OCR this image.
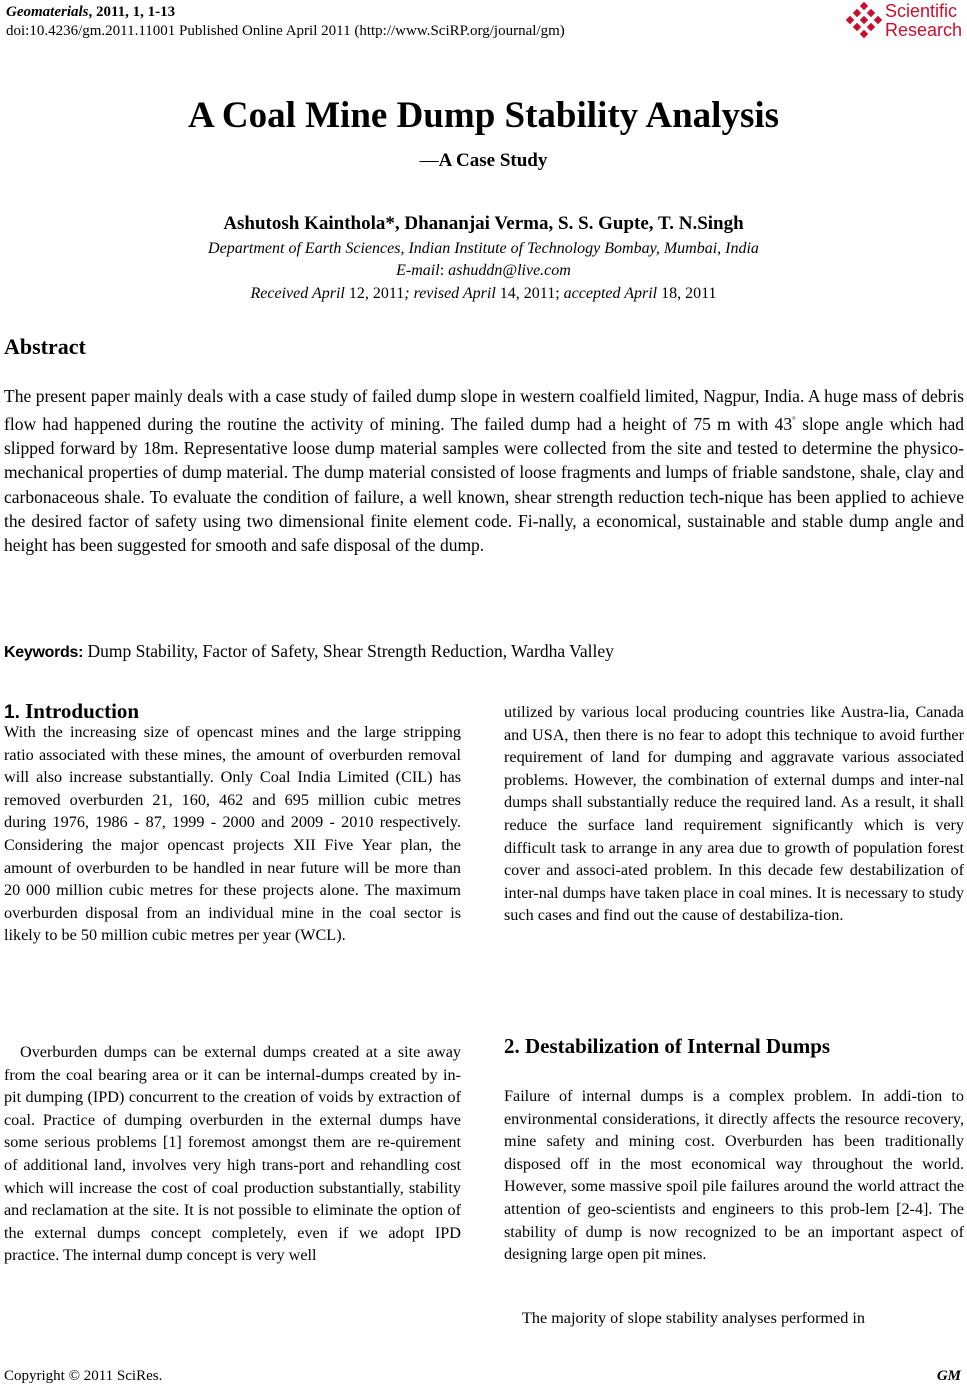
Geomaterials, 2011, 1, 1-13
doi:10.4236/gm.2011.11001 Published Online April 2011 (http://www.SciRP.org/journal/gm)
Scientific
Research
A Coal Mine Dump Stability Analysis
—A Case Study
Ashutosh Kainthola*, Dhananjai Verma, S. S. Gupte, T. N.Singh
Department of Earth Sciences, Indian Institute of Technology Bombay, Mumbai, India
E-mail: ashuddn@live.com
Received April 12, 2011; revised April 14, 2011; accepted April 18, 2011
Abstract
The present paper mainly deals with a case study of failed dump slope in western coalfield limited, Nagpur, India. A huge mass of debris flow had happened during the routine the activity of mining. The failed dump had a height of 75 m with 43° slope angle which had slipped forward by 18m. Representative loose dump material samples were collected from the site and tested to determine the physico-mechanical properties of dump material. The dump material consisted of loose fragments and lumps of friable sandstone, shale, clay and carbonaceous shale. To evaluate the condition of failure, a well known, shear strength reduction tech-nique has been applied to achieve the desired factor of safety using two dimensional finite element code. Fi-nally, a economical, sustainable and stable dump angle and height has been suggested for smooth and safe disposal of the dump.
Keywords: Dump Stability, Factor of Safety, Shear Strength Reduction, Wardha Valley
1. Introduction
With the increasing size of opencast mines and the large stripping ratio associated with these mines, the amount of overburden removal will also increase substantially. Only Coal India Limited (CIL) has removed overburden 21, 160, 462 and 695 million cubic metres during 1976, 1986 - 87, 1999 - 2000 and 2009 - 2010 respectively. Considering the major opencast projects XII Five Year plan, the amount of overburden to be handled in near future will be more than 20 000 million cubic metres for these projects alone. The maximum overburden disposal from an individual mine in the coal sector is likely to be 50 million cubic metres per year (WCL).
Overburden dumps can be external dumps created at a site away from the coal bearing area or it can be internal-dumps created by in-pit dumping (IPD) concurrent to the creation of voids by extraction of coal. Practice of dumping overburden in the external dumps have some serious problems [1] foremost amongst them are re-quirement of additional land, involves very high trans-port and rehandling cost which will increase the cost of coal production substantially, stability and reclamation at the site. It is not possible to eliminate the option of the external dumps concept completely, even if we adopt IPD practice. The internal dump concept is very well
utilized by various local producing countries like Austra-lia, Canada and USA, then there is no fear to adopt this technique to avoid further requirement of land for dumping and aggravate various associated problems. However, the combination of external dumps and inter-nal dumps shall substantially reduce the required land. As a result, it shall reduce the surface land requirement significantly which is very difficult task to arrange in any area due to growth of population forest cover and associ-ated problem. In this decade few destabilization of inter-nal dumps have taken place in coal mines. It is necessary to study such cases and find out the cause of destabiliza-tion.
2. Destabilization of Internal Dumps
Failure of internal dumps is a complex problem. In addi-tion to environmental considerations, it directly affects the resource recovery, mine safety and mining cost. Overburden has been traditionally disposed off in the most economical way throughout the world. However, some massive spoil pile failures around the world attract the attention of geo-scientists and engineers to this prob-lem [2-4]. The stability of dump is now recognized to be an important aspect of designing large open pit mines.
The majority of slope stability analyses performed in
Copyright © 2011 SciRes.	GM
